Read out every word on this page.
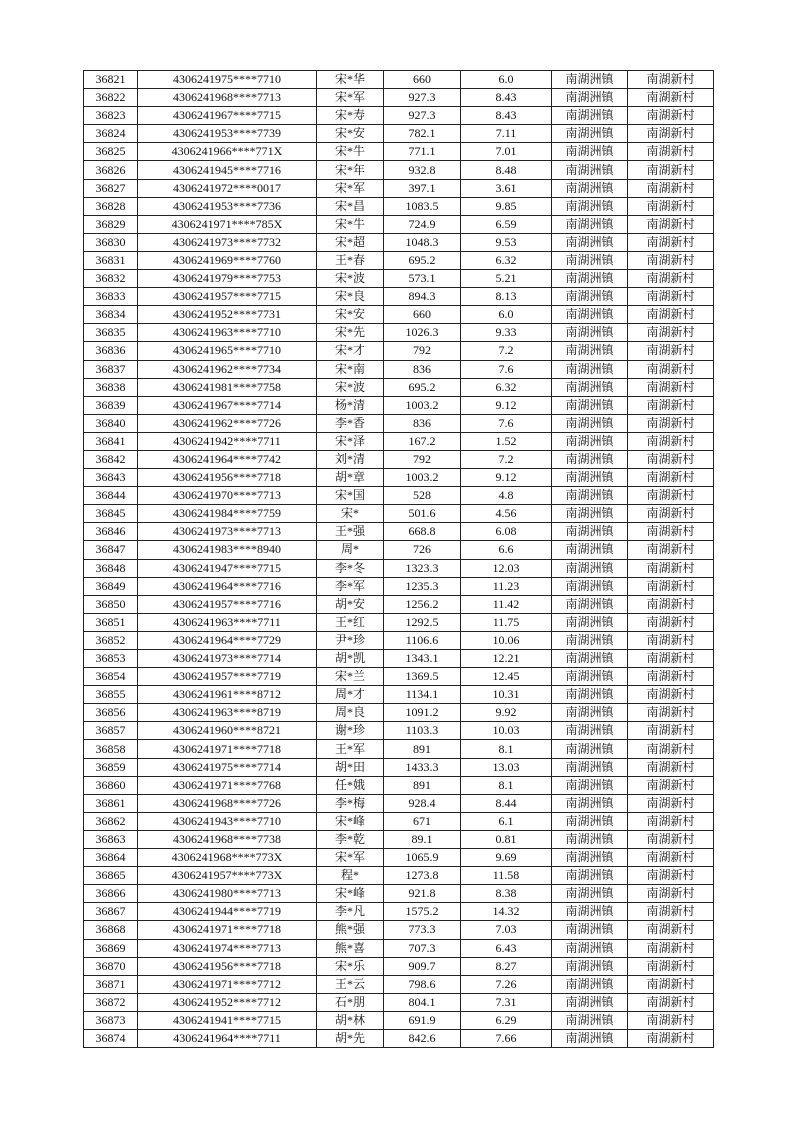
36821	4306241975****7710	宋*华	660	6.0	南湖洲镇	南湖新村
36822	4306241968****7713	宋*军	927.3	8.43	南湖洲镇	南湖新村
36823	4306241967****7715	宋*寿	927.3	8.43	南湖洲镇	南湖新村
36824	4306241953****7739	宋*安	782.1	7.11	南湖洲镇	南湖新村
36825	4306241966****771X	宋*牛	771.1	7.01	南湖洲镇	南湖新村
36826	4306241945****7716	宋*年	932.8	8.48	南湖洲镇	南湖新村
36827	4306241972****0017	宋*军	397.1	3.61	南湖洲镇	南湖新村
36828	4306241953****7736	宋*昌	1083.5	9.85	南湖洲镇	南湖新村
36829	4306241971****785X	宋*牛	724.9	6.59	南湖洲镇	南湖新村
36830	4306241973****7732	宋*超	1048.3	9.53	南湖洲镇	南湖新村
36831	4306241969****7760	王*春	695.2	6.32	南湖洲镇	南湖新村
36832	4306241979****7753	宋*波	573.1	5.21	南湖洲镇	南湖新村
36833	4306241957****7715	宋*良	894.3	8.13	南湖洲镇	南湖新村
36834	4306241952****7731	宋*安	660	6.0	南湖洲镇	南湖新村
36835	4306241963****7710	宋*先	1026.3	9.33	南湖洲镇	南湖新村
36836	4306241965****7710	宋*才	792	7.2	南湖洲镇	南湖新村
36837	4306241962****7734	宋*南	836	7.6	南湖洲镇	南湖新村
36838	4306241981****7758	宋*波	695.2	6.32	南湖洲镇	南湖新村
36839	4306241967****7714	杨*清	1003.2	9.12	南湖洲镇	南湖新村
36840	4306241962****7726	李*香	836	7.6	南湖洲镇	南湖新村
36841	4306241942****7711	宋*泽	167.2	1.52	南湖洲镇	南湖新村
36842	4306241964****7742	刘*清	792	7.2	南湖洲镇	南湖新村
36843	4306241956****7718	胡*章	1003.2	9.12	南湖洲镇	南湖新村
36844	4306241970****7713	宋*国	528	4.8	南湖洲镇	南湖新村
36845	4306241984****7759	宋*	501.6	4.56	南湖洲镇	南湖新村
36846	4306241973****7713	王*强	668.8	6.08	南湖洲镇	南湖新村
36847	4306241983****8940	周*	726	6.6	南湖洲镇	南湖新村
36848	4306241947****7715	李*冬	1323.3	12.03	南湖洲镇	南湖新村
36849	4306241964****7716	李*军	1235.3	11.23	南湖洲镇	南湖新村
36850	4306241957****7716	胡*安	1256.2	11.42	南湖洲镇	南湖新村
36851	4306241963****7711	王*红	1292.5	11.75	南湖洲镇	南湖新村
36852	4306241964****7729	尹*珍	1106.6	10.06	南湖洲镇	南湖新村
36853	4306241973****7714	胡*凯	1343.1	12.21	南湖洲镇	南湖新村
36854	4306241957****7719	宋*兰	1369.5	12.45	南湖洲镇	南湖新村
36855	4306241961****8712	周*才	1134.1	10.31	南湖洲镇	南湖新村
36856	4306241963****8719	周*良	1091.2	9.92	南湖洲镇	南湖新村
36857	4306241960****8721	谢*珍	1103.3	10.03	南湖洲镇	南湖新村
36858	4306241971****7718	王*军	891	8.1	南湖洲镇	南湖新村
36859	4306241975****7714	胡*田	1433.3	13.03	南湖洲镇	南湖新村
36860	4306241971****7768	任*娥	891	8.1	南湖洲镇	南湖新村
36861	4306241968****7726	李*梅	928.4	8.44	南湖洲镇	南湖新村
36862	4306241943****7710	宋*峰	671	6.1	南湖洲镇	南湖新村
36863	4306241968****7738	李*乾	89.1	0.81	南湖洲镇	南湖新村
36864	4306241968****773X	宋*军	1065.9	9.69	南湖洲镇	南湖新村
36865	4306241957****773X	程*	1273.8	11.58	南湖洲镇	南湖新村
36866	4306241980****7713	宋*峰	921.8	8.38	南湖洲镇	南湖新村
36867	4306241944****7719	李*凡	1575.2	14.32	南湖洲镇	南湖新村
36868	4306241971****7718	熊*强	773.3	7.03	南湖洲镇	南湖新村
36869	4306241974****7713	熊*喜	707.3	6.43	南湖洲镇	南湖新村
36870	4306241956****7718	宋*乐	909.7	8.27	南湖洲镇	南湖新村
36871	4306241971****7712	王*云	798.6	7.26	南湖洲镇	南湖新村
36872	4306241952****7712	石*朋	804.1	7.31	南湖洲镇	南湖新村
36873	4306241941****7715	胡*林	691.9	6.29	南湖洲镇	南湖新村
36874	4306241964****7711	胡*先	842.6	7.66	南湖洲镇	南湖新村
